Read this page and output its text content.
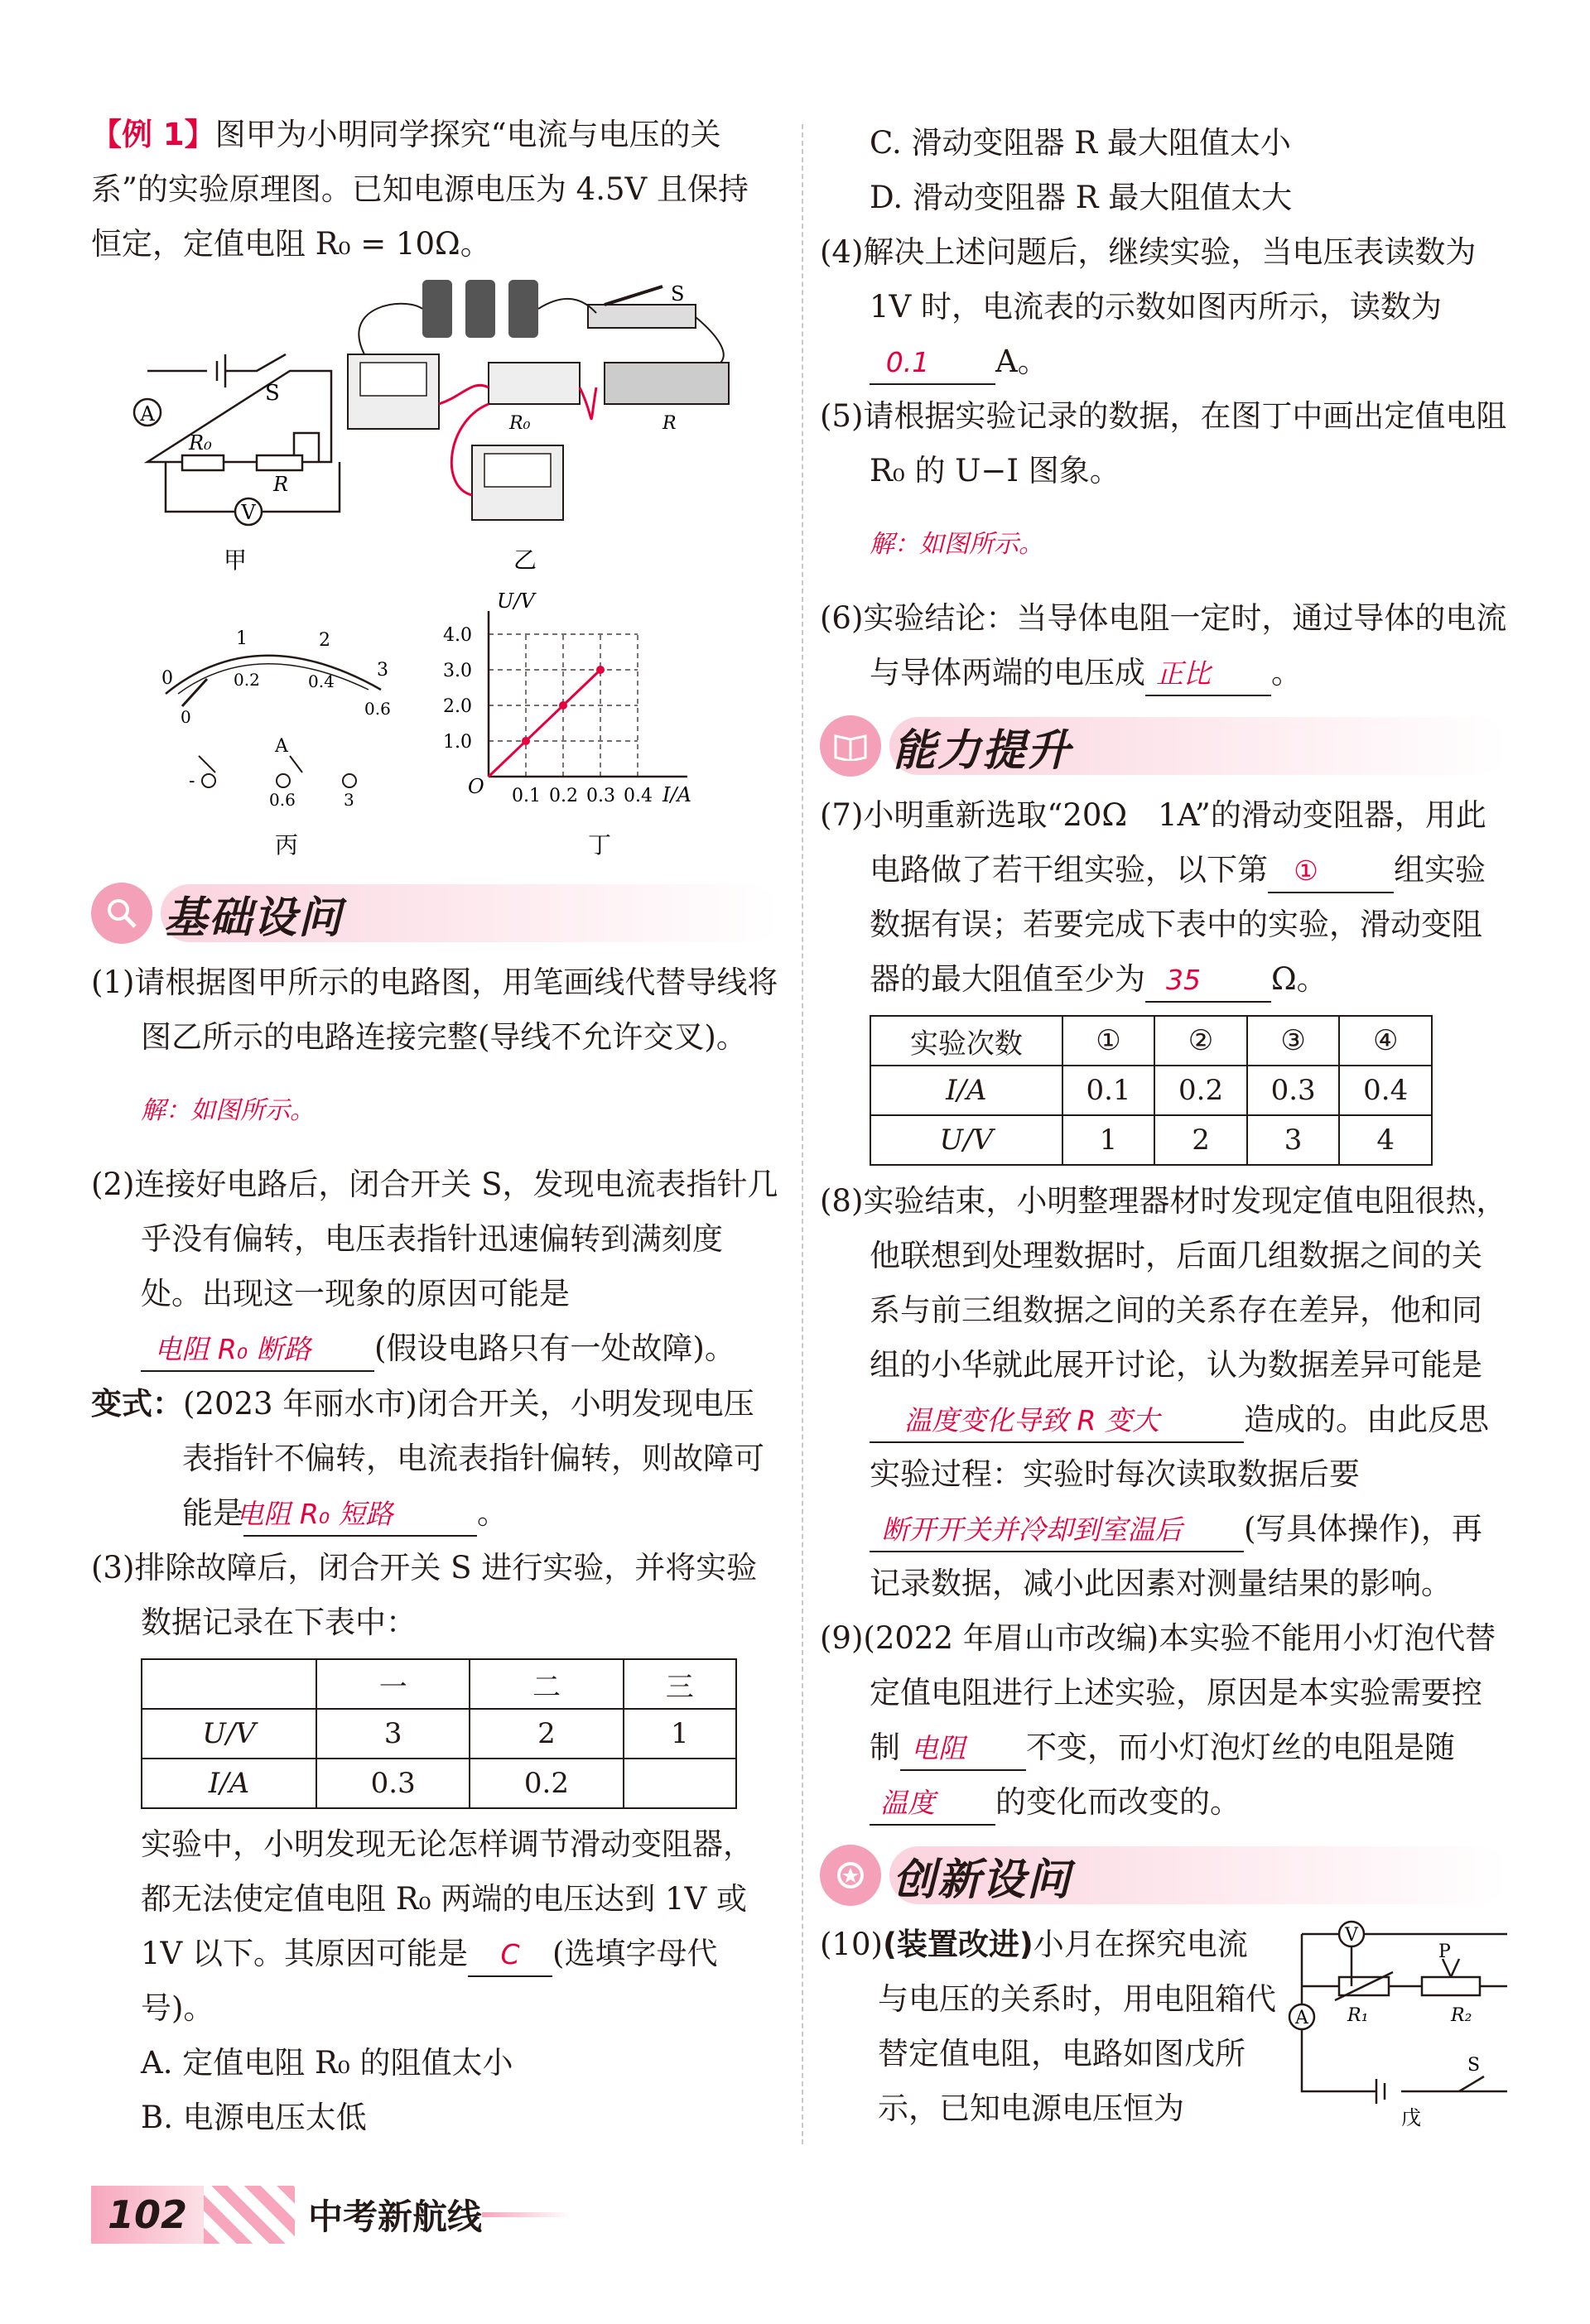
【例 1】图甲为小明同学探究“电流与电压的关系”的实验原理图。已知电源电压为 4.5V 且保持恒定，定值电阻 R₀ = 10Ω。

A
V
S
R₀
R
甲
S
R₀	R
乙
0
1	2
3
0
0.2	0.4
0.6
A
-
0.6	3
丙
U/V
I/A
O
1.0
2.0
3.0
4.0
0.1 0.2 0.3 0.4
丁
基础设问

(1)请根据图甲所示的电路图，用笔画线代替导线将图乙所示的电路连接完整(导线不允许交叉)。

解：如图所示。

(2)连接好电路后，闭合开关 S，发现电流表指针几乎没有偏转，电压表指针迅速偏转到满刻度处。出现这一现象的原因可能是电阻 R₀ 断路 (假设电路只有一处故障)。

变式：(2023 年丽水市)闭合开关，小明发现电压表指针不偏转，电流表指针偏转，则故障可能是电阻 R₀ 短路	。

(3)排除故障后，闭合开关 S 进行实验，并将实验数据记录在下表中：

	一	二	三
U/V	3	2	1
I/A	0.3	0.2	

实验中，小明发现无论怎样调节滑动变阻器，都无法使定值电阻 R₀ 两端的电压达到 1V 或 1V 以下。其原因可能是 C (选填字母代号)。

A. 定值电阻 R₀ 的阻值太小

B. 电源电压太低

C. 滑动变阻器 R 最大阻值太小

D. 滑动变阻器 R 最大阻值太大

(4)解决上述问题后，继续实验，当电压表读数为 1V 时，电流表的示数如图丙所示，读数为0.1 A。

(5)请根据实验记录的数据，在图丁中画出定值电阻 R₀ 的 U−I 图象。

解：如图所示。

(6)实验结论：当导体电阻一定时，通过导体的电流与导体两端的电压成 正比 。

能力提升

(7)小明重新选取“20Ω　1A”的滑动变阻器，用此电路做了若干组实验，以下第 ① 组实验数据有误；若要完成下表中的实验，滑动变阻器的最大阻值至少为 35 Ω。

实验次数	①	②	③	④
I/A	0.1	0.2	0.3	0.4
U/V	1	2	3	4

(8)实验结束，小明整理器材时发现定值电阻很热，他联想到处理数据时，后面几组数据之间的关系与前三组数据之间的关系存在差异，他和同组的小华就此展开讨论，认为数据差异可能是温度变化导致 R 变大	造成的。由此反思实验过程：实验时每次读取数据后要断开开关并冷却到室温后 (写具体操作)，再记录数据，减小此因素对测量结果的影响。

(9)(2022 年眉山市改编)本实验不能用小灯泡代替定值电阻进行上述实验，原因是本实验需要控制 电阻 不变，而小灯泡灯丝的电阻是随温度 的变化而改变的。

创新设问

(10)(装置改进)小月在探究电流与电压的关系时，用电阻箱代替定值电阻，电路如图戊所示，已知电源电压恒为

V
A R₁	R₂
P
S
戊
102	中考新航线
